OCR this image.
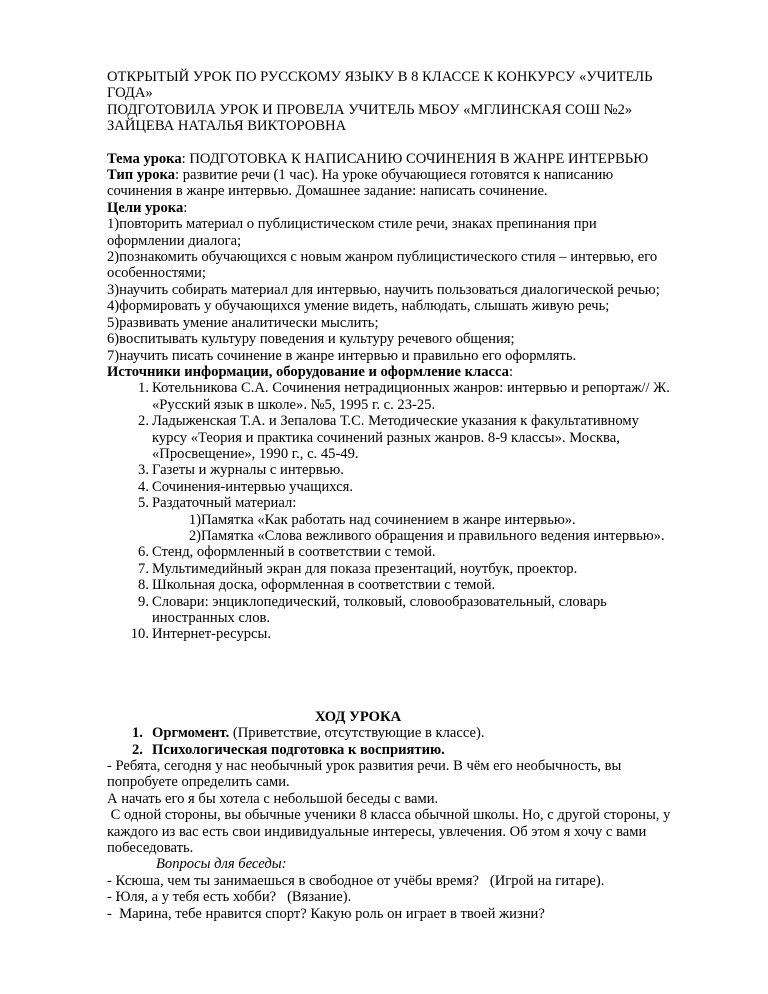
ОТКРЫТЫЙ УРОК ПО РУССКОМУ ЯЗЫКУ В 8 КЛАССЕ К КОНКУРСУ «УЧИТЕЛЬ

ГОДА»

ПОДГОТОВИЛА УРОК И ПРОВЕЛА УЧИТЕЛЬ МБОУ «МГЛИНСКАЯ СОШ №2»

ЗАЙЦЕВА НАТАЛЬЯ ВИКТОРОВНА

Тема урока: ПОДГОТОВКА К НАПИСАНИЮ СОЧИНЕНИЯ В ЖАНРЕ ИНТЕРВЬЮ

Тип урока: развитие речи (1 час). На уроке обучающиеся готовятся к написанию

сочинения в жанре интервью. Домашнее задание: написать сочинение.

Цели урока:

1)повторить материал о публицистическом стиле речи, знаках препинания при

оформлении диалога;

2)познакомить обучающихся с новым жанром публицистического стиля – интервью, его

особенностями;

3)научить собирать материал для интервью, научить пользоваться диалогической речью;

4)формировать у обучающихся умение видеть, наблюдать, слышать живую речь;

5)развивать умение аналитически мыслить;

6)воспитывать культуру поведения и культуру речевого общения;

7)научить писать сочинение в жанре интервью и правильно его оформлять.

Источники информации, оборудование и оформление класса:

1. Котельникова С.А. Сочинения нетрадиционных жанров: интервью и репортаж// Ж.
«Русский язык в школе». №5, 1995 г. с. 23-25.
2. Ладыженская Т.А. и Зепалова Т.С. Методические указания к факультативному
курсу «Теория и практика сочинений разных жанров. 8-9 классы». Москва,
«Просвещение», 1990 г., с. 45-49.
3. Газеты и журналы с интервью.
4. Сочинения-интервью учащихся.
5. Раздаточный материал:
1) Памятка «Как работать над сочинением в жанре интервью».
2) Памятка «Слова вежливого обращения и правильного ведения интервью».
6. Стенд, оформленный в соответствии с темой.
7. Мультимедийный экран для показа презентаций, ноутбук, проектор.
8. Школьная доска, оформленная в соответствии с темой.
9. Словари: энциклопедический, толковый, словообразовательный, словарь
иностранных слов.
10. Интернет-ресурсы.

ХОД УРОКА

1. Оргмомент. (Приветствие, отсутствующие в классе).
2. Психологическая подготовка к восприятию.

- Ребята, сегодня у нас необычный урок развития речи. В чём его необычность, вы

попробуете определить сами.

А начать его я бы хотела с небольшой беседы с вами.

С одной стороны, вы обычные ученики 8 класса обычной школы. Но, с другой стороны, у

каждого из вас есть свои индивидуальные интересы, увлечения. Об этом я хочу с вами

побеседовать.

Вопросы для беседы:

- Ксюша, чем ты занимаешься в свободное от учёбы время?   (Игрой на гитаре).

- Юля, а у тебя есть хобби?   (Вязание).

-  Марина, тебе нравится спорт? Какую роль он играет в твоей жизни?
